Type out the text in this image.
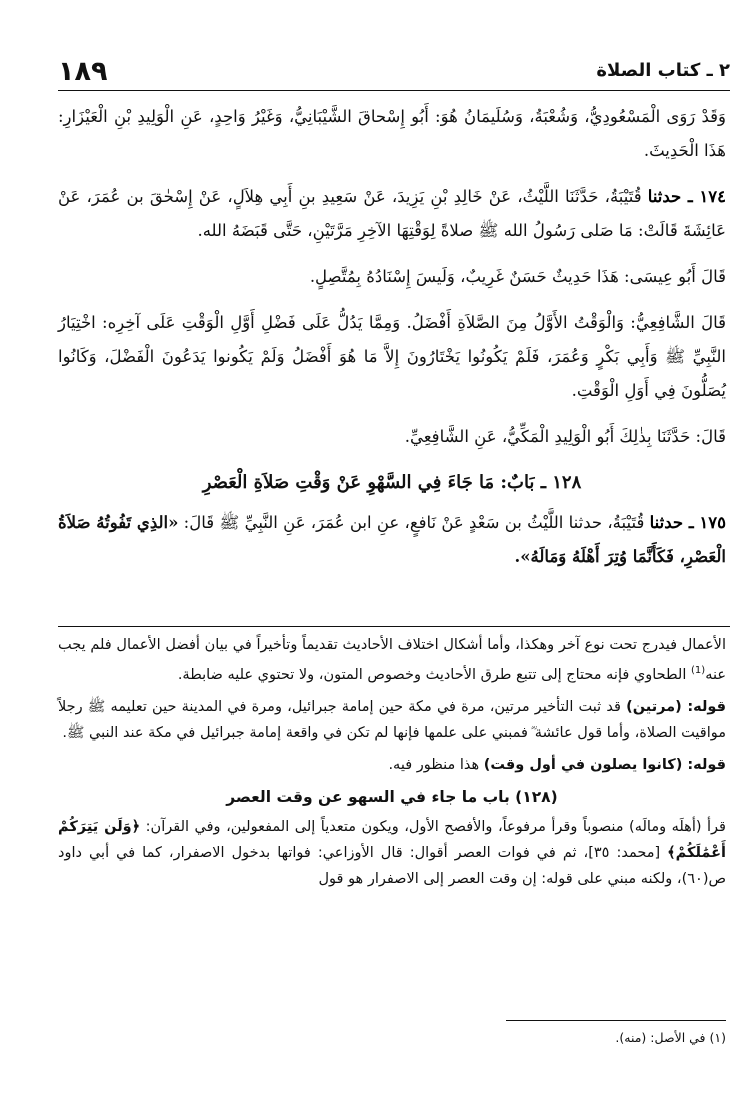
١٨٩	٢ ـ كتاب الصلاة

وَقَدْ رَوَى الْمَسْعُودِيُّ، وَشُعْبَةُ، وَسُلَيمَانُ هُوَ: أَبُو إِسْحاقَ الشَّيْبَانِيُّ، وَغَيْرُ وَاحِدٍ، عَنِ الْوَلِيدِ بْنِ الْعَيْزَارِ: هَذَا الْحَدِيثَ.

١٧٤ ـ حدثنا قُتَيْبَةُ، حَدَّثَنَا اللَّيْثُ، عَنْ خَالِدِ بْنِ يَزِيدَ، عَنْ سَعِيدِ بنِ أَبِي هِلاَلٍ، عَنْ إِسْحٰقَ بن عُمَرَ، عَنْ عَائِشَةَ قَالَتْ: مَا صَلى رَسُولُ الله ﷺ صلاةً لِوَقْتِهَا الآخِرِ مَرَّتَيْنِ، حَتَّى قَبَضَهُ الله.

قَالَ أَبُو عِيسَى: هَذَا حَدِيثٌ حَسَنٌ غَرِيبٌ، وَلَيسَ إِسْنَادُهُ بِمُتَّصِلٍ.

قَالَ الشَّافِعِيُّ: وَالْوَقْتُ الأَوَّلُ مِنَ الصَّلاَةِ أَفْضَلُ. وَمِمَّا يَدُلُّ عَلَى فَضْلِ أَوَّلِ الْوَقْتِ عَلَى آخِرِه: اخْتِيَارُ النَّبِيِّ ﷺ وَأَبِي بَكْرٍ وَعُمَرَ، فَلَمْ يَكُونُوا يَخْتَارُونَ إِلاَّ مَا هُوَ أَفْضَلُ وَلَمْ يَكُونوا يَدَعُونَ الْفَضْلَ، وَكَانُوا يُصَلُّونَ فِي أَوَلِ الْوَقْتِ.

قَالَ: حَدَّثَنَا بِذٰلِكَ أَبُو الْوَلِيدِ الْمَكِّيُّ، عَنِ الشَّافِعِيِّ.

١٢٨ ـ بَابٌ: مَا جَاءَ فِي السَّهْوِ عَنْ وَقْتِ صَلاَةِ الْعَصْرِ

١٧٥ ـ حدثنا قُتَيْبَةُ، حدثنا اللَّيْثُ بن سَعْدٍ عَنْ نَافعٍ، عنِ ابن عُمَرَ، عَنِ النَّبِيِّ ﷺ قَالَ: «الذِي تَفُوتُهُ صَلاَةُ الْعَصْرِ، فَكَأَنَّمَا وُتِرَ أَهْلَهُ وَمَالَهُ».

الأعمال فيدرج تحت نوع آخر وهكذا، وأما أشكال اختلاف الأحاديث تقديماً وتأخيراً في بيان أفضل الأعمال فلم يجب عنه$^{(1)}$ الطحاوي فإنه محتاج إلى تتبع طرق الأحاديث وخصوص المتون، ولا تحتوي عليه ضابطة.

قوله: (مرتين) قد ثبت التأخير مرتين، مرة في مكة حين إمامة جبرائيل، ومرة في المدينة حين تعليمه ﷺ رجلاً مواقيت الصلاة، وأما قول عائشة ؓ فمبني على علمها فإنها لم تكن في واقعة إمامة جبرائيل في مكة عند النبي ﷺ.

قوله: (كانوا يصلون في أول وقت) هذا منظور فيه.

(١٢٨) باب ما جاء في السهو عن وقت العصر

قرأ (أهلَه ومالَه) منصوباً وقرأ مرفوعاً، والأفصح الأول، ويكون متعدياً إلى المفعولين، وفي القرآن: ﴿وَلَن يَتِرَكُمْ أَعْمَٰلَكُمْ﴾ [محمد: ٣٥]، ثم في فوات العصر أقوال: قال الأوزاعي: فواتها بدخول الاصفرار، كما في أبي داود ص(٦٠)، ولكنه مبني على قوله: إن وقت العصر إلى الاصفرار هو قول

(١) في الأصل: (منه).
